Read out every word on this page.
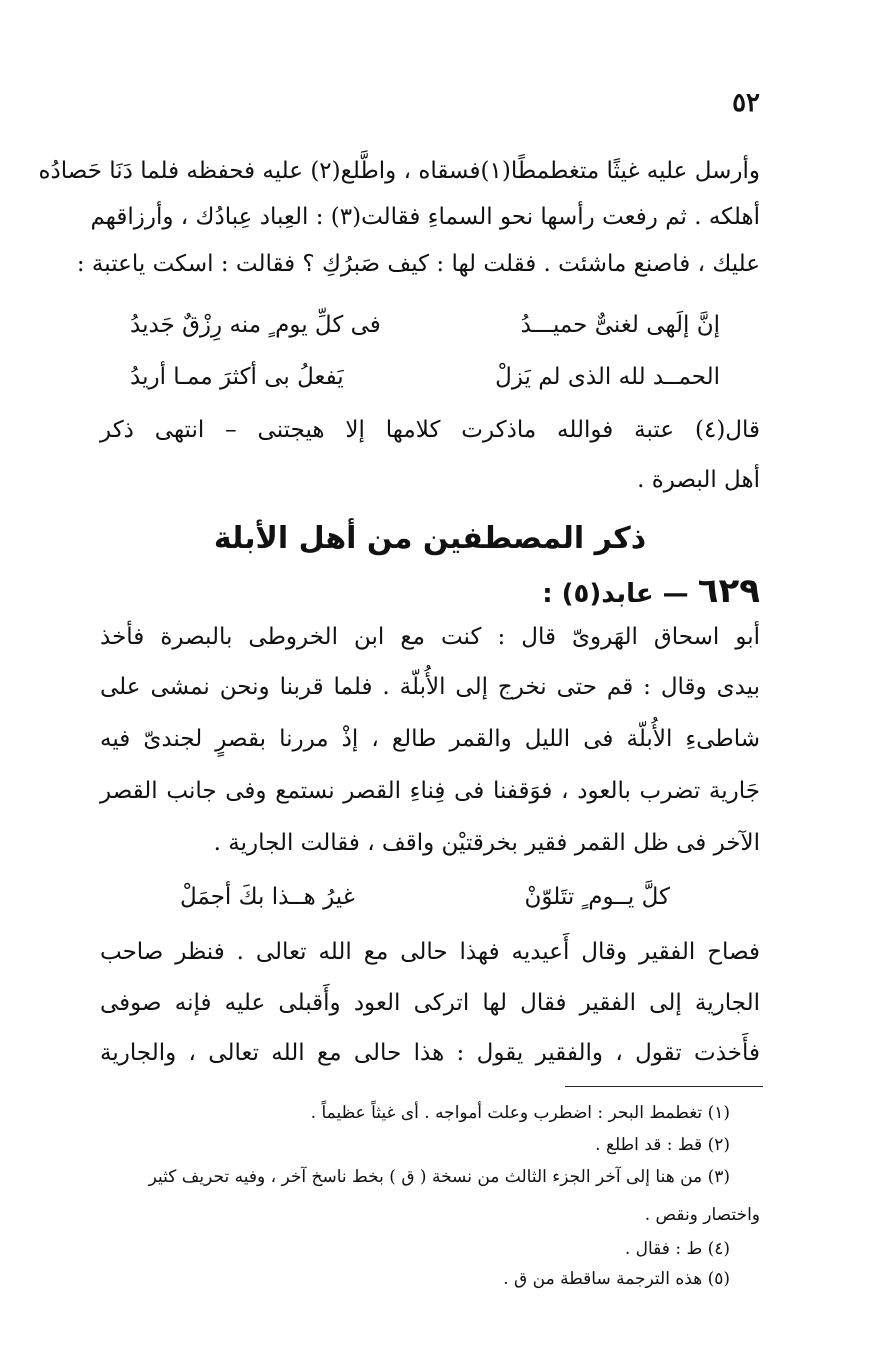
٥٢
وأرسل عليه غيثًا متغطمطًا(١)فسقاه ، واطَّلع(٢) عليه فحفظه فلما دَنَا حَصادُه
أهلكه . ثم رفعت رأسها نحو السماءِ فقالت(٣) : العِباد عِبادُك ، وأرزاقهم
عليك ، فاصنع ماشئت . فقلت لها : كيف صَبرُكِ ؟ فقالت : اسكت ياعتبة :
إنَّ إلَهى لغنىٌّ حميـــدُ
فى كلِّ يوم ٍ منه رِزْقٌ جَديدُ
الحمــد لله الذى لم يَزلْ
يَفعلُ بى أكثرَ ممـا أريدُ
قال(٤) عتبة فوالله ماذكرت كلامها إلا هيجتنى – انتهى ذكر
أهل البصرة .
ذكر المصطفين من أهل الأبلة
٦٢٩ — عابد(٥) :
أبو اسحاق الهَروىّ قال : كنت مع ابن الخروطى بالبصرة فأخذ
بيدى وقال : قم حتى نخرج إلى الأُبلّة . فلما قربنا ونحن نمشى على
شاطىءِ الأُبلّة فى الليل والقمر طالع ، إذْ مررنا بقصرٍ لجندىّ فيه
جَارية تضرب بالعود ، فوَقفنا فى فِناءِ القصر نستمع وفى جانب القصر
الآخر فى ظل القمر فقير بخرقتيْن واقف ، فقالت الجارية .
كلَّ يــوم ٍ تتَلوّنْ
غيرُ هــذا بكَ أجمَلْ
فصاح الفقير وقال أَعيديه فهذا حالى مع الله تعالى . فنظر صاحب
الجارية إلى الفقير فقال لها اتركى العود وأَقبلى عليه فإنه صوفى
فأَخذت تقول ، والفقير يقول : هذا حالى مع الله تعالى ، والجارية
(١) تغطمط البحر : اضطرب وعلت أمواجه . أى غيثاً عظيماً .
(٢) قط : قد اطلع .
(٣) من هنا إلى آخر الجزء الثالث من نسخة ( ق ) بخط ناسخ آخر ، وفيه تحريف كثير
واختصار ونقص .
(٤) ط : فقال .
(٥) هذه الترجمة ساقطة من ق .
